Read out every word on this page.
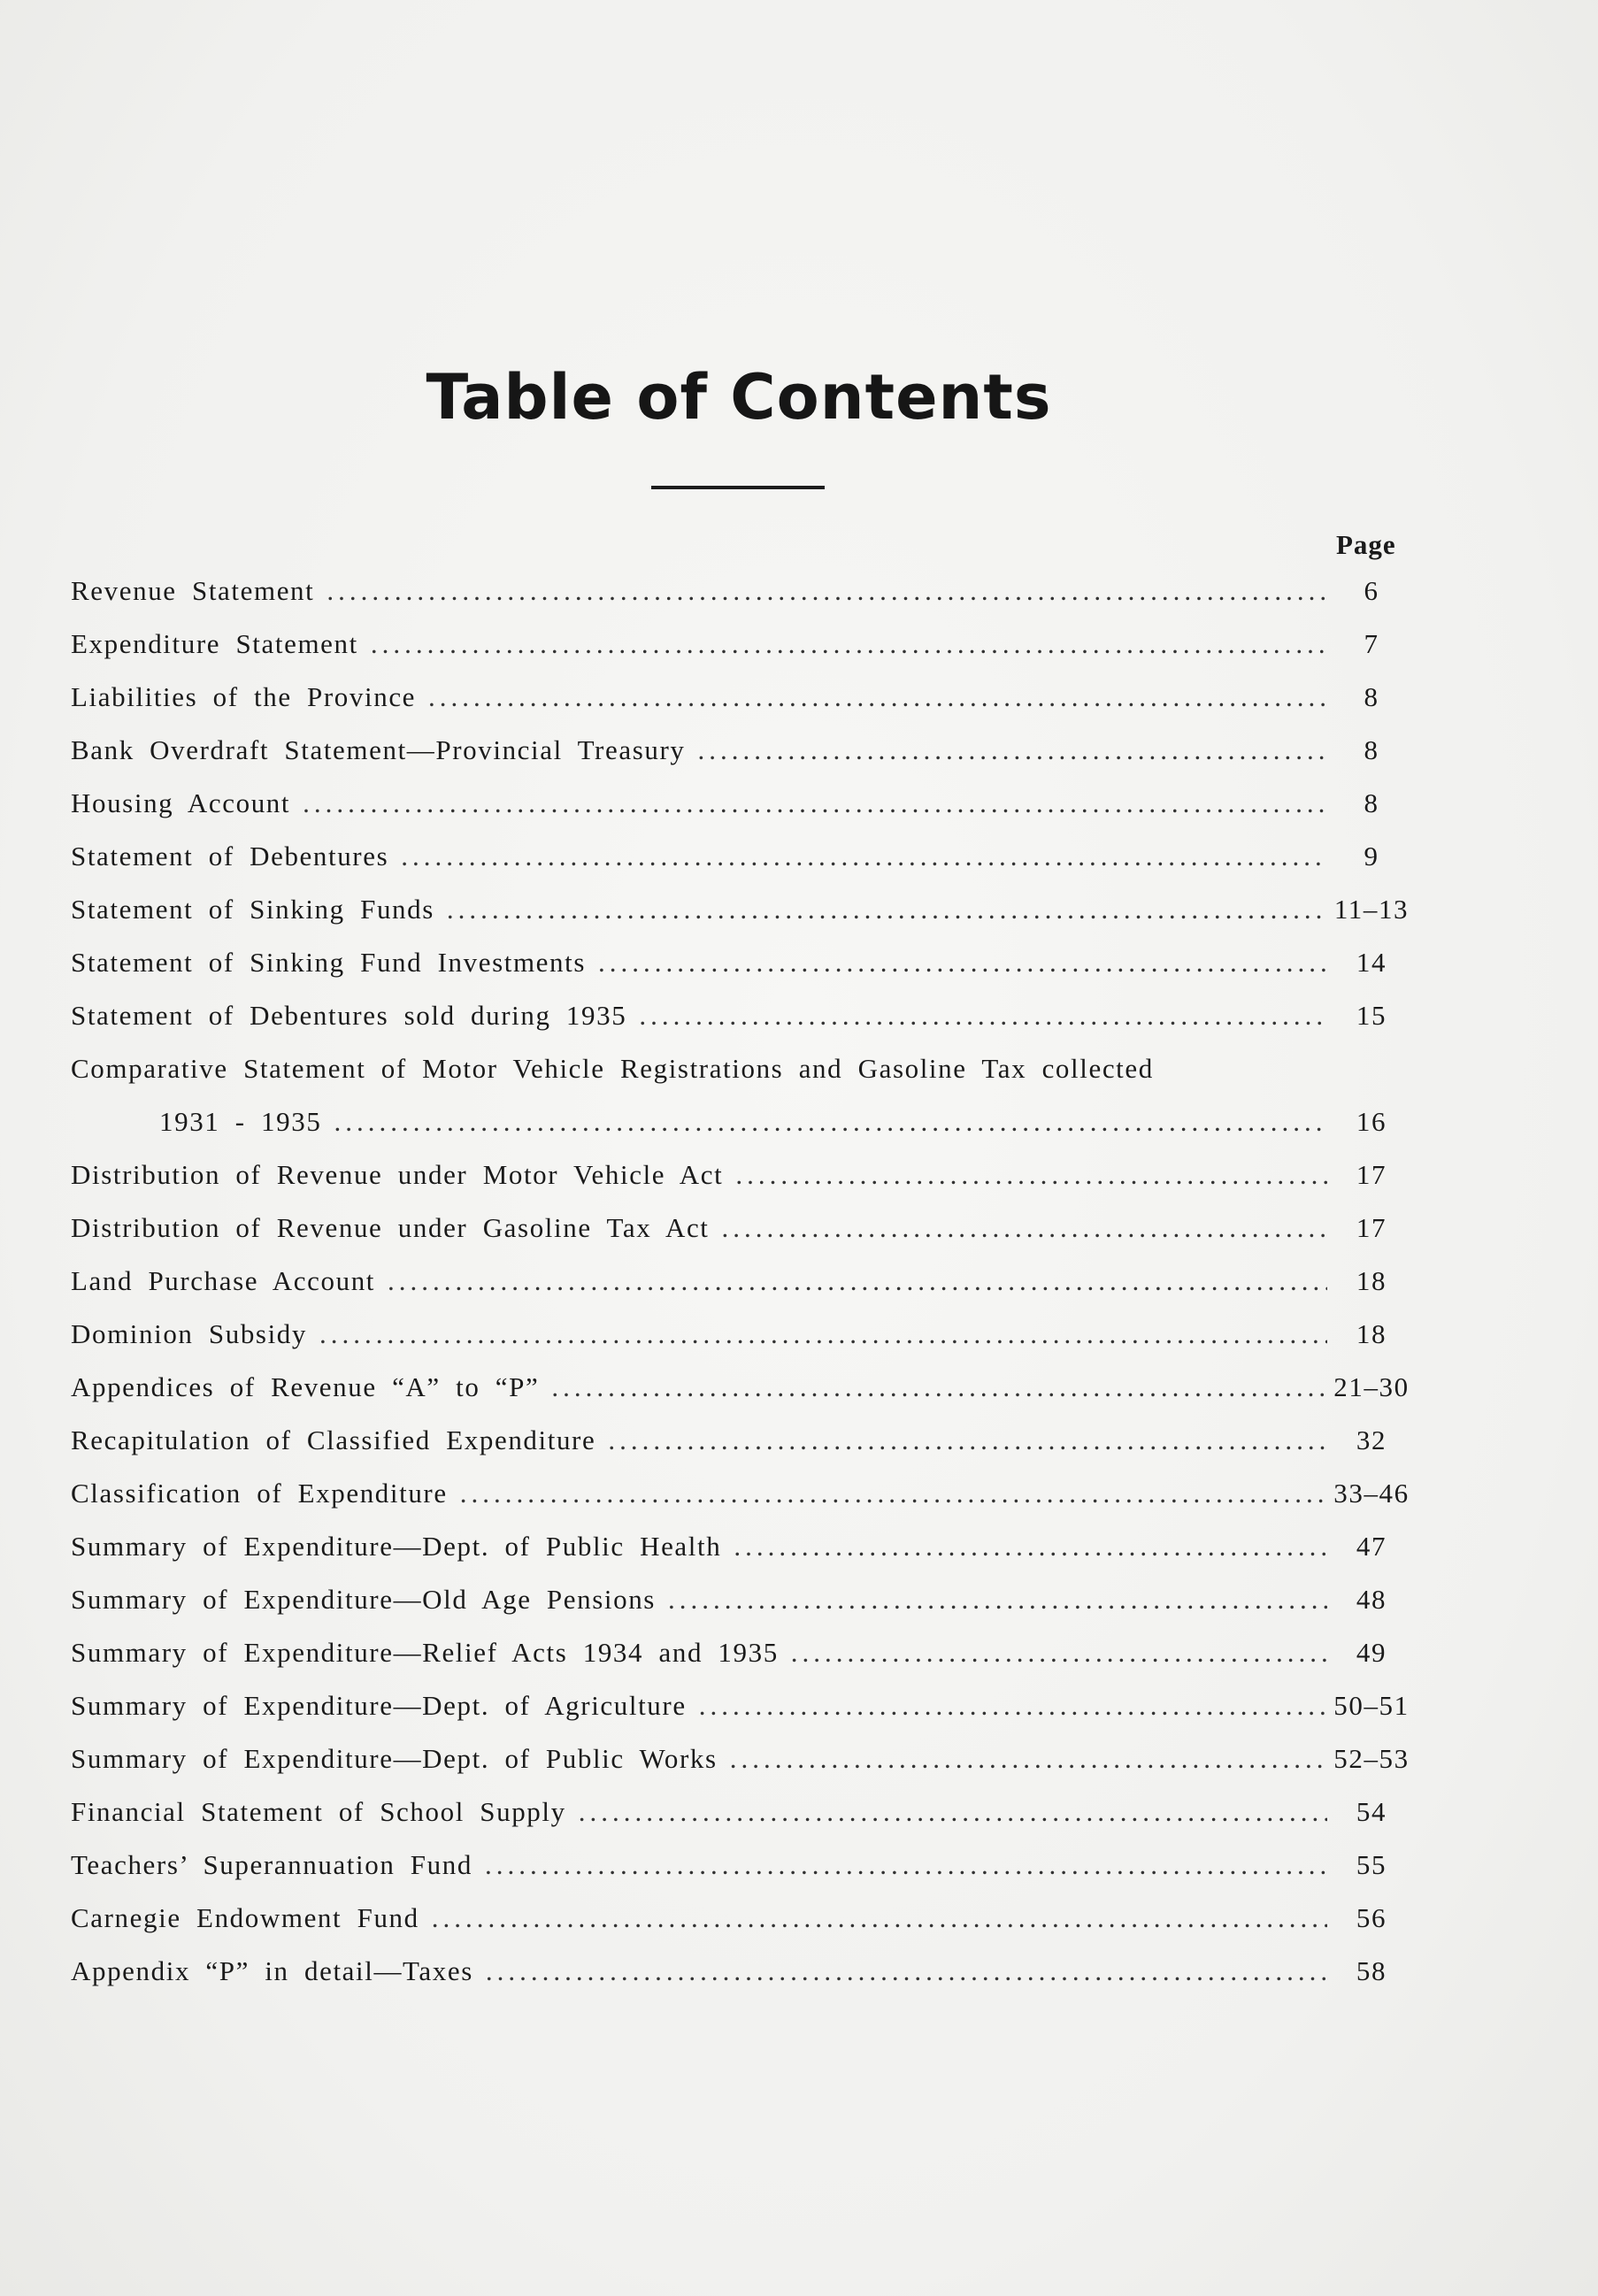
Table of Contents
Page
Revenue Statement .....	6
Expenditure Statement .....	7
Liabilities of the Province .....	8
Bank Overdraft Statement—Provincial Treasury .....	8
Housing Account .....	8
Statement of Debentures .....	9
Statement of Sinking Funds .....	11–13
Statement of Sinking Fund Investments .....	14
Statement of Debentures sold during 1935 .....	15
Comparative Statement of Motor Vehicle Registrations and Gasoline Tax collected
1931 - 1935 .....	16
Distribution of Revenue under Motor Vehicle Act .....	17
Distribution of Revenue under Gasoline Tax Act .....	17
Land Purchase Account .....	18
Dominion Subsidy .....	18
Appendices of Revenue “A” to “P” .....	21–30
Recapitulation of Classified Expenditure .....	32
Classification of Expenditure .....	33–46
Summary of Expenditure—Dept. of Public Health .....	47
Summary of Expenditure—Old Age Pensions .....	48
Summary of Expenditure—Relief Acts 1934 and 1935 .....	49
Summary of Expenditure—Dept. of Agriculture .....	50–51
Summary of Expenditure—Dept. of Public Works .....	52–53
Financial Statement of School Supply .....	54
Teachers’ Superannuation Fund .....	55
Carnegie Endowment Fund .....	56
Appendix “P” in detail—Taxes .....	58
